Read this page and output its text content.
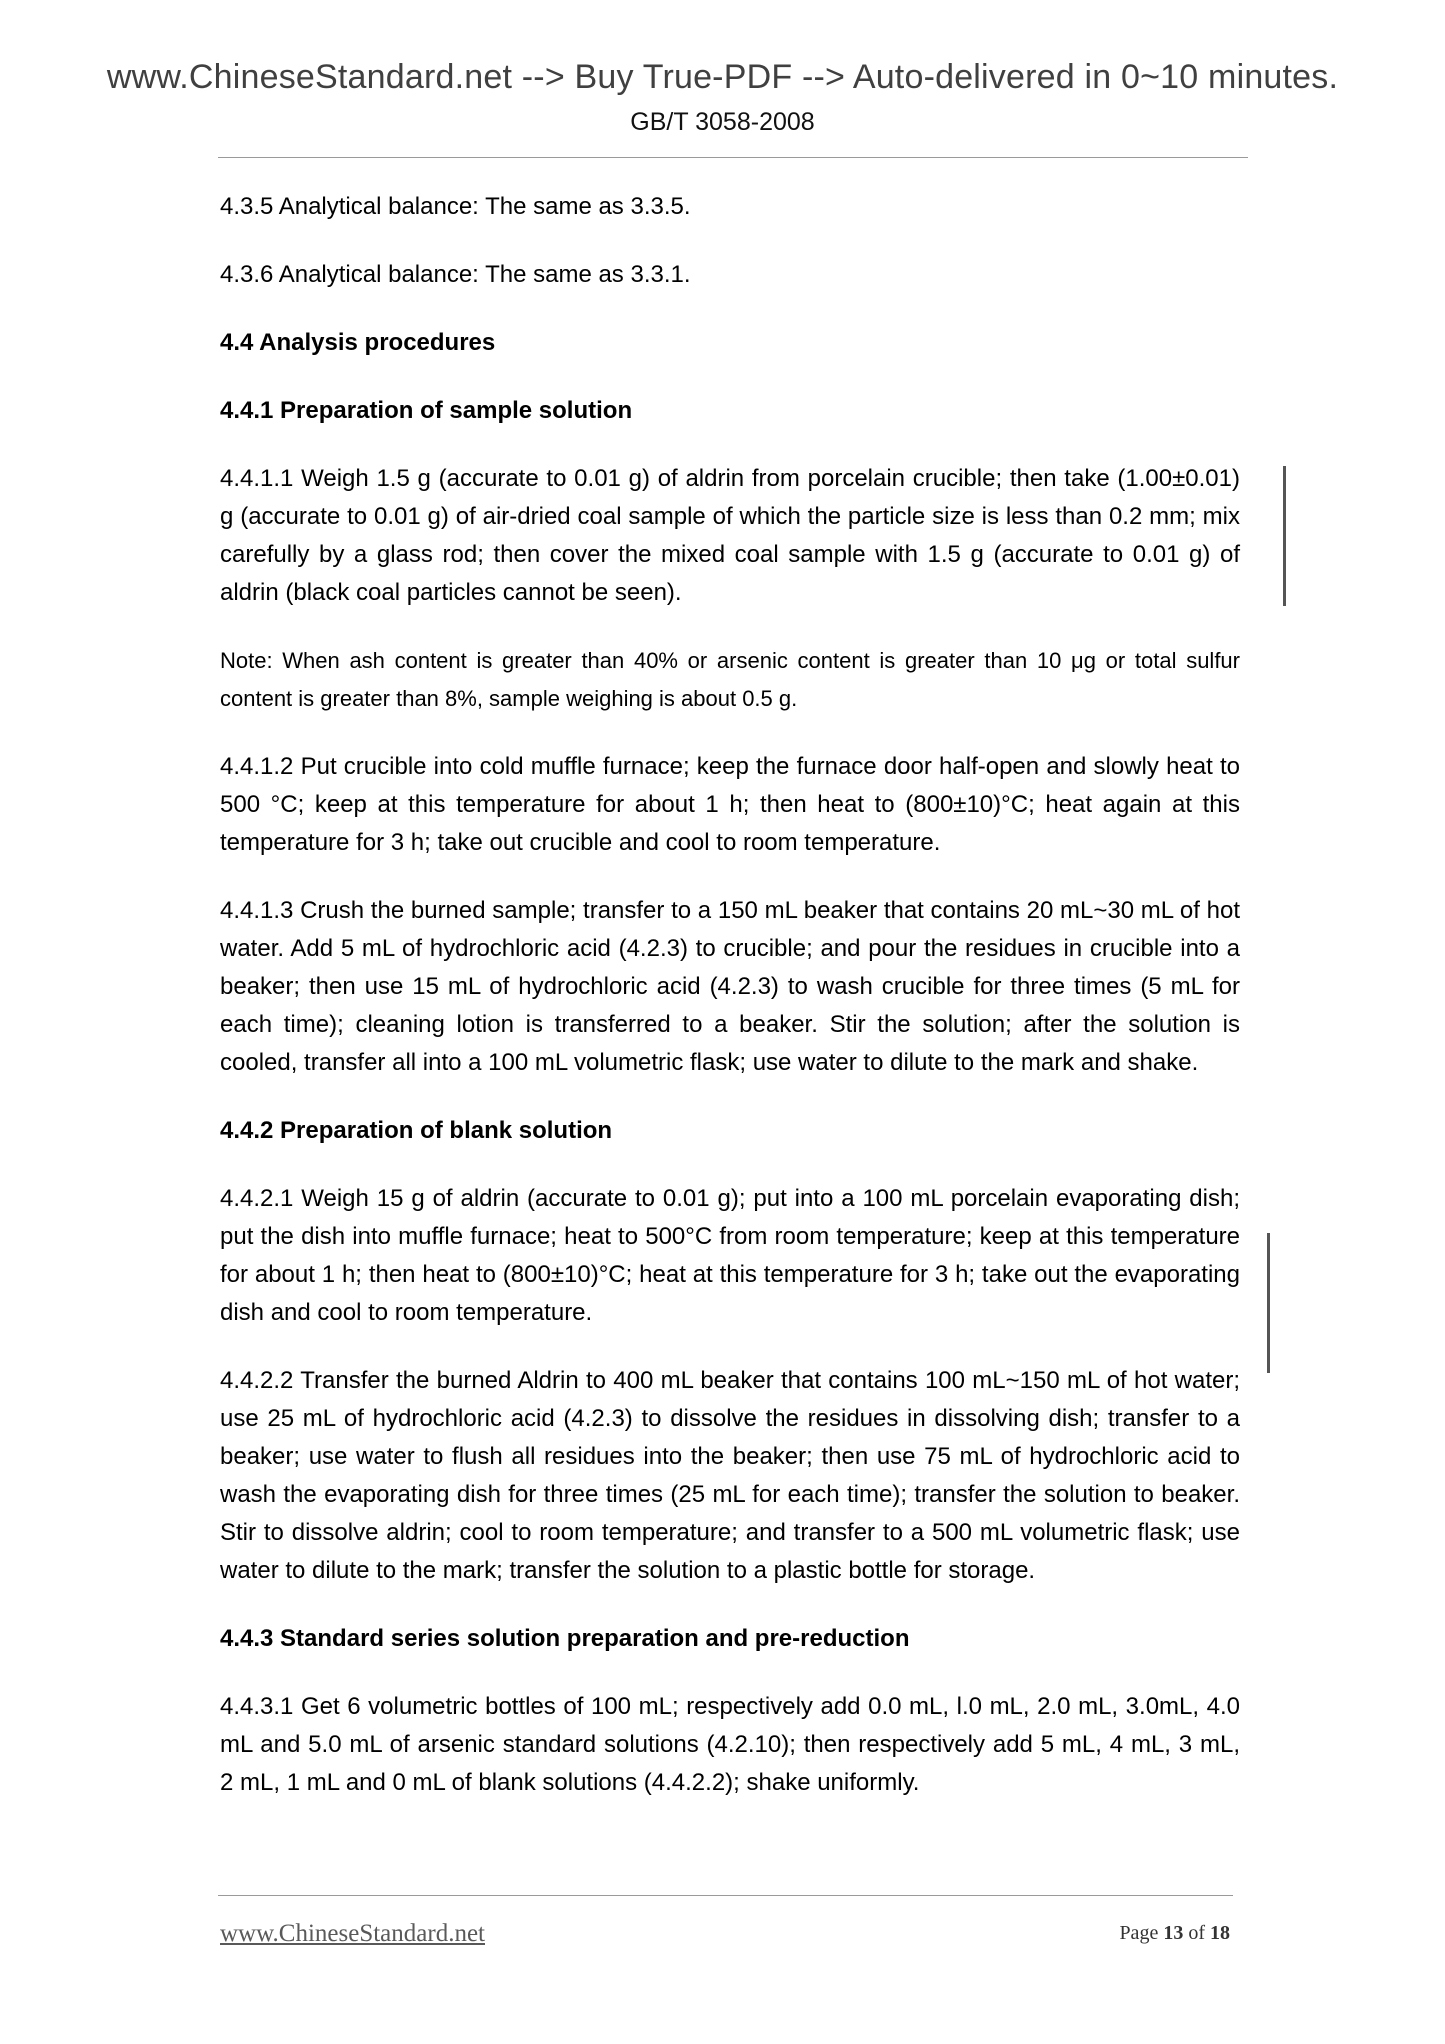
www.ChineseStandard.net --> Buy True-PDF --> Auto-delivered in 0~10 minutes.
GB/T 3058-2008

4.3.5 Analytical balance: The same as 3.3.5.

4.3.6 Analytical balance: The same as 3.3.1.

4.4 Analysis procedures

4.4.1 Preparation of sample solution

4.4.1.1 Weigh 1.5 g (accurate to 0.01 g) of aldrin from porcelain crucible; then take (1.00±0.01) g (accurate to 0.01 g) of air-dried coal sample of which the particle size is less than 0.2 mm; mix carefully by a glass rod; then cover the mixed coal sample with 1.5 g (accurate to 0.01 g) of aldrin (black coal particles cannot be seen).

Note: When ash content is greater than 40% or arsenic content is greater than 10 μg or total sulfur content is greater than 8%, sample weighing is about 0.5 g.

4.4.1.2 Put crucible into cold muffle furnace; keep the furnace door half-open and slowly heat to 500 °C; keep at this temperature for about 1 h; then heat to (800±10)°C; heat again at this temperature for 3 h; take out crucible and cool to room temperature.

4.4.1.3 Crush the burned sample; transfer to a 150 mL beaker that contains 20 mL~30 mL of hot water. Add 5 mL of hydrochloric acid (4.2.3) to crucible; and pour the residues in crucible into a beaker; then use 15 mL of hydrochloric acid (4.2.3) to wash crucible for three times (5 mL for each time); cleaning lotion is transferred to a beaker. Stir the solution; after the solution is cooled, transfer all into a 100 mL volumetric flask; use water to dilute to the mark and shake.

4.4.2 Preparation of blank solution

4.4.2.1 Weigh 15 g of aldrin (accurate to 0.01 g); put into a 100 mL porcelain evaporating dish; put the dish into muffle furnace; heat to 500°C from room temperature; keep at this temperature for about 1 h; then heat to (800±10)°C; heat at this temperature for 3 h; take out the evaporating dish and cool to room temperature.

4.4.2.2 Transfer the burned Aldrin to 400 mL beaker that contains 100 mL~150 mL of hot water; use 25 mL of hydrochloric acid (4.2.3) to dissolve the residues in dissolving dish; transfer to a beaker; use water to flush all residues into the beaker; then use 75 mL of hydrochloric acid to wash the evaporating dish for three times (25 mL for each time); transfer the solution to beaker. Stir to dissolve aldrin; cool to room temperature; and transfer to a 500 mL volumetric flask; use water to dilute to the mark; transfer the solution to a plastic bottle for storage.

4.4.3 Standard series solution preparation and pre-reduction

4.4.3.1 Get 6 volumetric bottles of 100 mL; respectively add 0.0 mL, l.0 mL, 2.0 mL, 3.0mL, 4.0 mL and 5.0 mL of arsenic standard solutions (4.2.10); then respectively add 5 mL, 4 mL, 3 mL, 2 mL, 1 mL and 0 mL of blank solutions (4.4.2.2); shake uniformly.

www.ChineseStandard.net	Page 13 of 18
